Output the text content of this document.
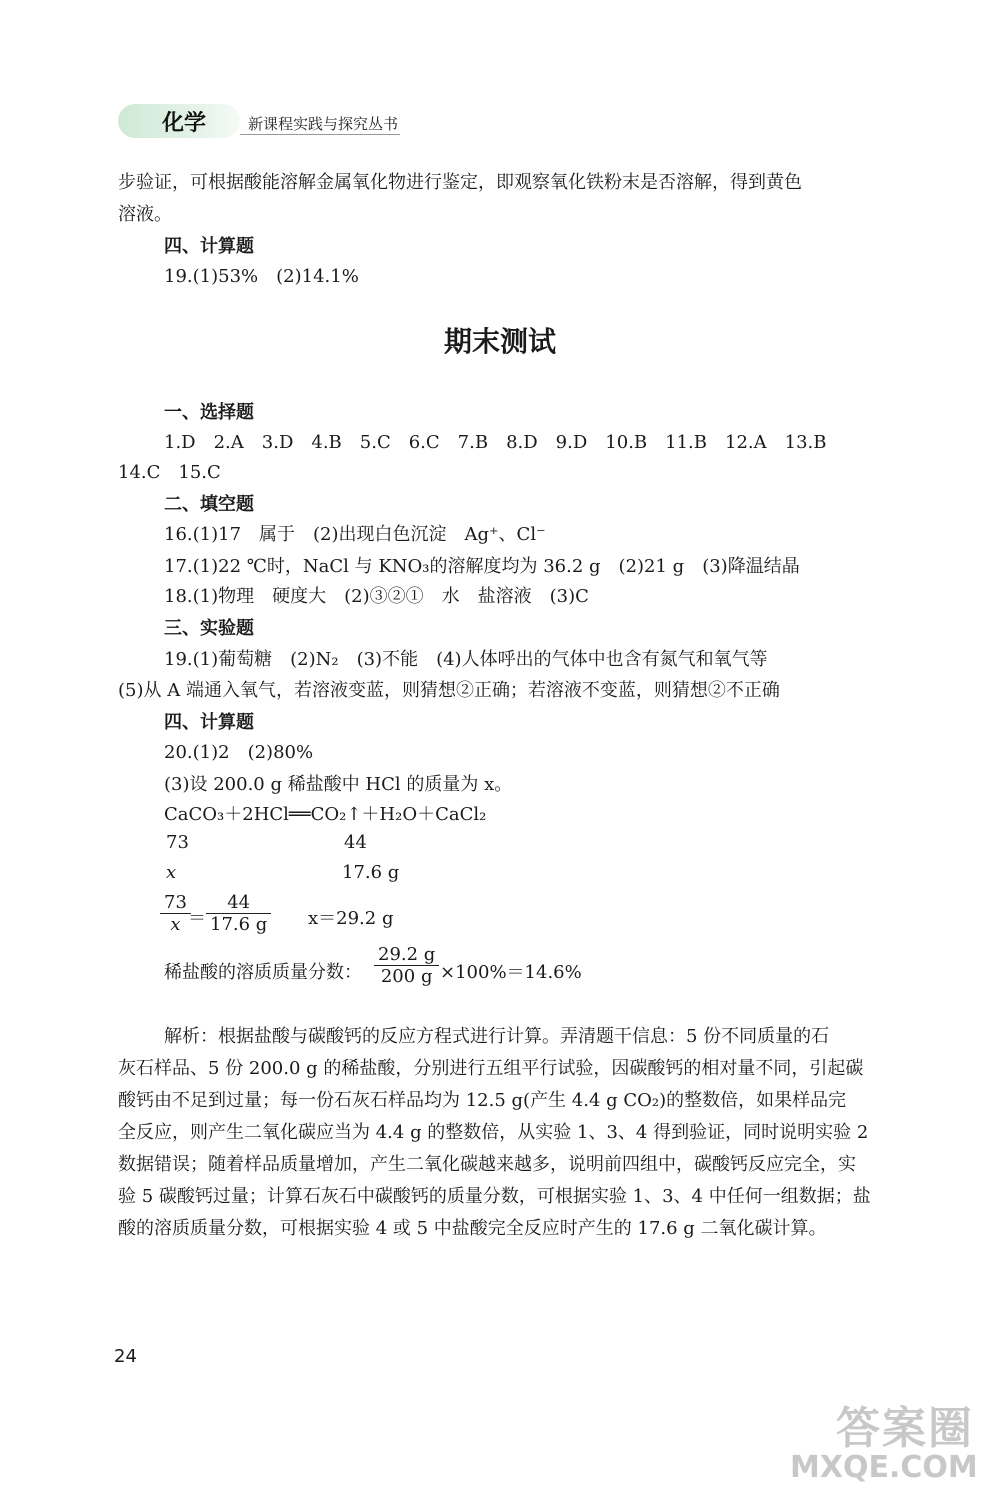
化学	新课程实践与探究丛书
步验证，可根据酸能溶解金属氧化物进行鉴定，即观察氧化铁粉末是否溶解，得到黄色
溶液。
四、计算题
19.(1)53%　(2)14.1%
期末测试
一、选择题
1.D　2.A　3.D　4.B　5.C　6.C　7.B　8.D　9.D　10.B　11.B　12.A　13.B
14.C　15.C
二、填空题
16.(1)17　属于　(2)出现白色沉淀　Ag⁺、Cl⁻
17.(1)22 ℃时，NaCl 与 KNO₃的溶解度均为 36.2 g　(2)21 g　(3)降温结晶
18.(1)物理　硬度大　(2)③②①　水　盐溶液　(3)C
三、实验题
19.(1)葡萄糖　(2)N₂　(3)不能　(4)人体呼出的气体中也含有氮气和氧气等
(5)从 A 端通入氧气，若溶液变蓝，则猜想②正确；若溶液不变蓝，则猜想②不正确
四、计算题
20.(1)2　(2)80%
(3)设 200.0 g 稀盐酸中 HCl 的质量为 x。
CaCO₃＋2HCl══CO₂↑＋H₂O＋CaCl₂
73	44
x	17.6 g
$\frac{73}{x}$
＝ $\frac{44}{17.6 g} x=29.2$ g
稀盐酸的溶质质量分数： $\frac{29.2 g}{200 g} \times 100\%=14.6\%$
解析：根据盐酸与碳酸钙的反应方程式进行计算。弄清题干信息：5 份不同质量的石
灰石样品、5 份 200.0 g 的稀盐酸，分别进行五组平行试验，因碳酸钙的相对量不同，引起碳
酸钙由不足到过量；每一份石灰石样品均为 12.5 g(产生 4.4 g CO₂)的整数倍，如果样品完
全反应，则产生二氧化碳应当为 4.4 g 的整数倍，从实验 1、3、4 得到验证，同时说明实验 2
数据错误；随着样品质量增加，产生二氧化碳越来越多，说明前四组中，碳酸钙反应完全，实
验 5 碳酸钙过量；计算石灰石中碳酸钙的质量分数，可根据实验 1、3、4 中任何一组数据；盐
酸的溶质质量分数，可根据实验 4 或 5 中盐酸完全反应时产生的 17.6 g 二氧化碳计算。
24
答案圈
MXQE.COM
